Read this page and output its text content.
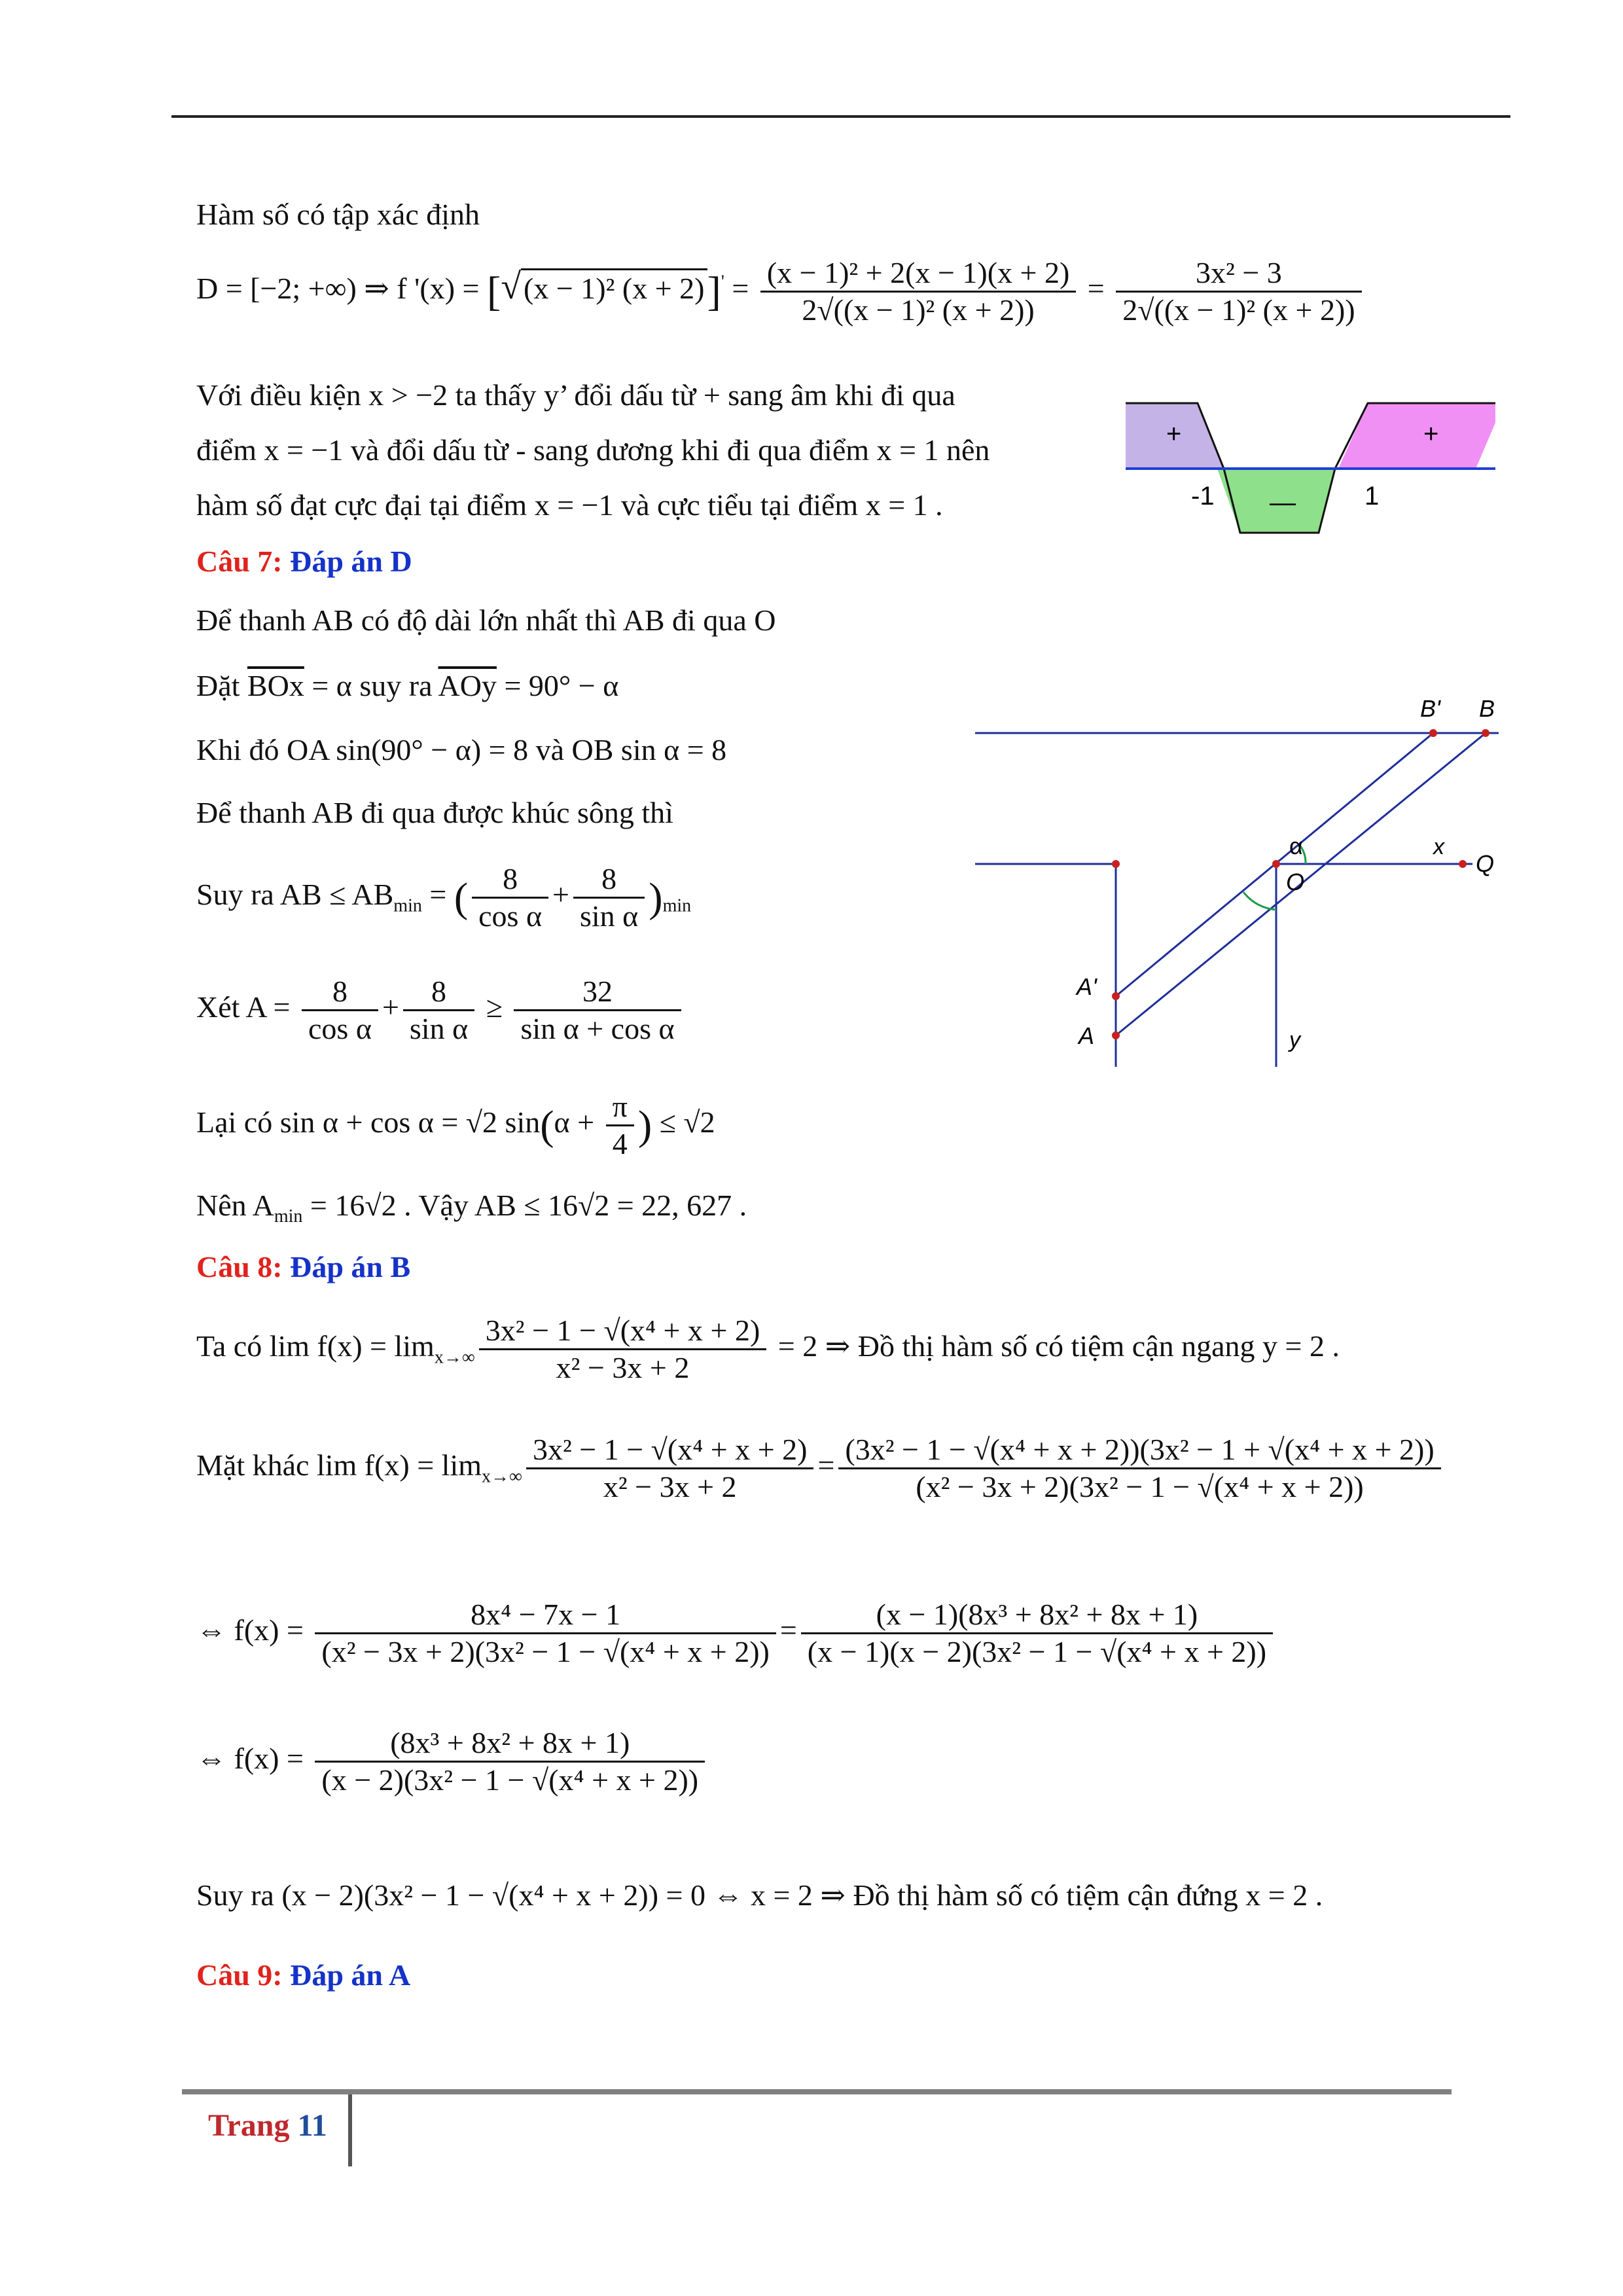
Hàm số có tập xác định
D = [−2; +∞) ⇒ f '(x) = [√(x − 1)² $(x + 2)]' = \frac{\text{(x − 1)² + 2(x − 1)(x + 2)}}{\text{2√((x − 1)² (x + 2))}} = \frac{\text{3x² − 3}}{\text{2√((x − 1)² (x + 2))}}$
Với điều kiện x > −2 ta thấy y’ đổi dấu từ + sang âm khi đi qua
điểm x = −1 và đổi dấu từ - sang dương khi đi qua điểm x = 1 nên
hàm số đạt cực đại tại điểm x = −1 và cực tiểu tại điểm x = 1 .
+
—
+
-1	1
Câu 7: Đáp án D
Để thanh AB có độ dài lớn nhất thì AB đi qua O
Đặt $\overline{BOx} = \alpha$ suy ra $\overline{AOy} = 90^\circ - \alpha$
Khi đó OA sin(90° − α) = 8 và OB sin α = 8
Để thanh AB đi qua được khúc sông thì
Suy ra AB ≤ $AB_{min}$ = ( $\frac{8}{\text{cos α}} + \frac{8}{\text{sin α}} )_{min}$
Xét $A = \frac{8}{\text{cos α}} + \frac{8}{\text{sin α}} \ge \frac{32}{\text{sin α + cos α}}$
Lại có sin α + cos α = √2 $\sin(\alpha + \frac{\pi}{4}$ ) ≤ √2
Nên $A_{min} = 16√2$ . Vậy AB ≤ 16√2 = 22, 627 .
B' B
x
Q
α
O
A'
A	y
Câu 8: Đáp án B
Ta có $\lim f(x) = \lim_{x\to\infty} \frac{\text{3x² − 1 − √(x⁴ + x + 2)}}{\text{x² − 3x + 2}} = 2$ ⇒ Đồ thị hàm số có tiệm cận ngang y = 2 .
Mặt khác $\lim f(x) = \lim_{x\to\infty} \frac{\text{3x² − 1 − √(x⁴ + x + 2)}}{\text{x² − 3x + 2}} = \frac{\text{(3x² − 1 − √(x⁴ + x + 2))(3x² − 1 + √(x⁴ + x + 2))}}{\text{(x² − 3x + 2)(3x² − 1 − √(x⁴ + x + 2))}}$
⇔ $f(x) = \frac{\text{8x⁴ − 7x − 1}}{\text{(x² − 3x + 2)(3x² − 1 − √(x⁴ + x + 2))}} = \frac{\text{(x − 1)(8x³ + 8x² + 8x + 1)}}{\text{(x − 1)(x − 2)(3x² − 1 − √(x⁴ + x + 2))}}$
⇔ $f(x) = \frac{\text{(8x³ + 8x² + 8x + 1)}}{\text{(x − 2)(3x² − 1 − √(x⁴ + x + 2))}}$
Suy ra (x − 2)(3x² − 1 − √(x⁴ + x + 2)) = 0 ⇔ x = 2 ⇒ Đồ thị hàm số có tiệm cận đứng x = 2 .
Câu 9: Đáp án A
Trang 11
